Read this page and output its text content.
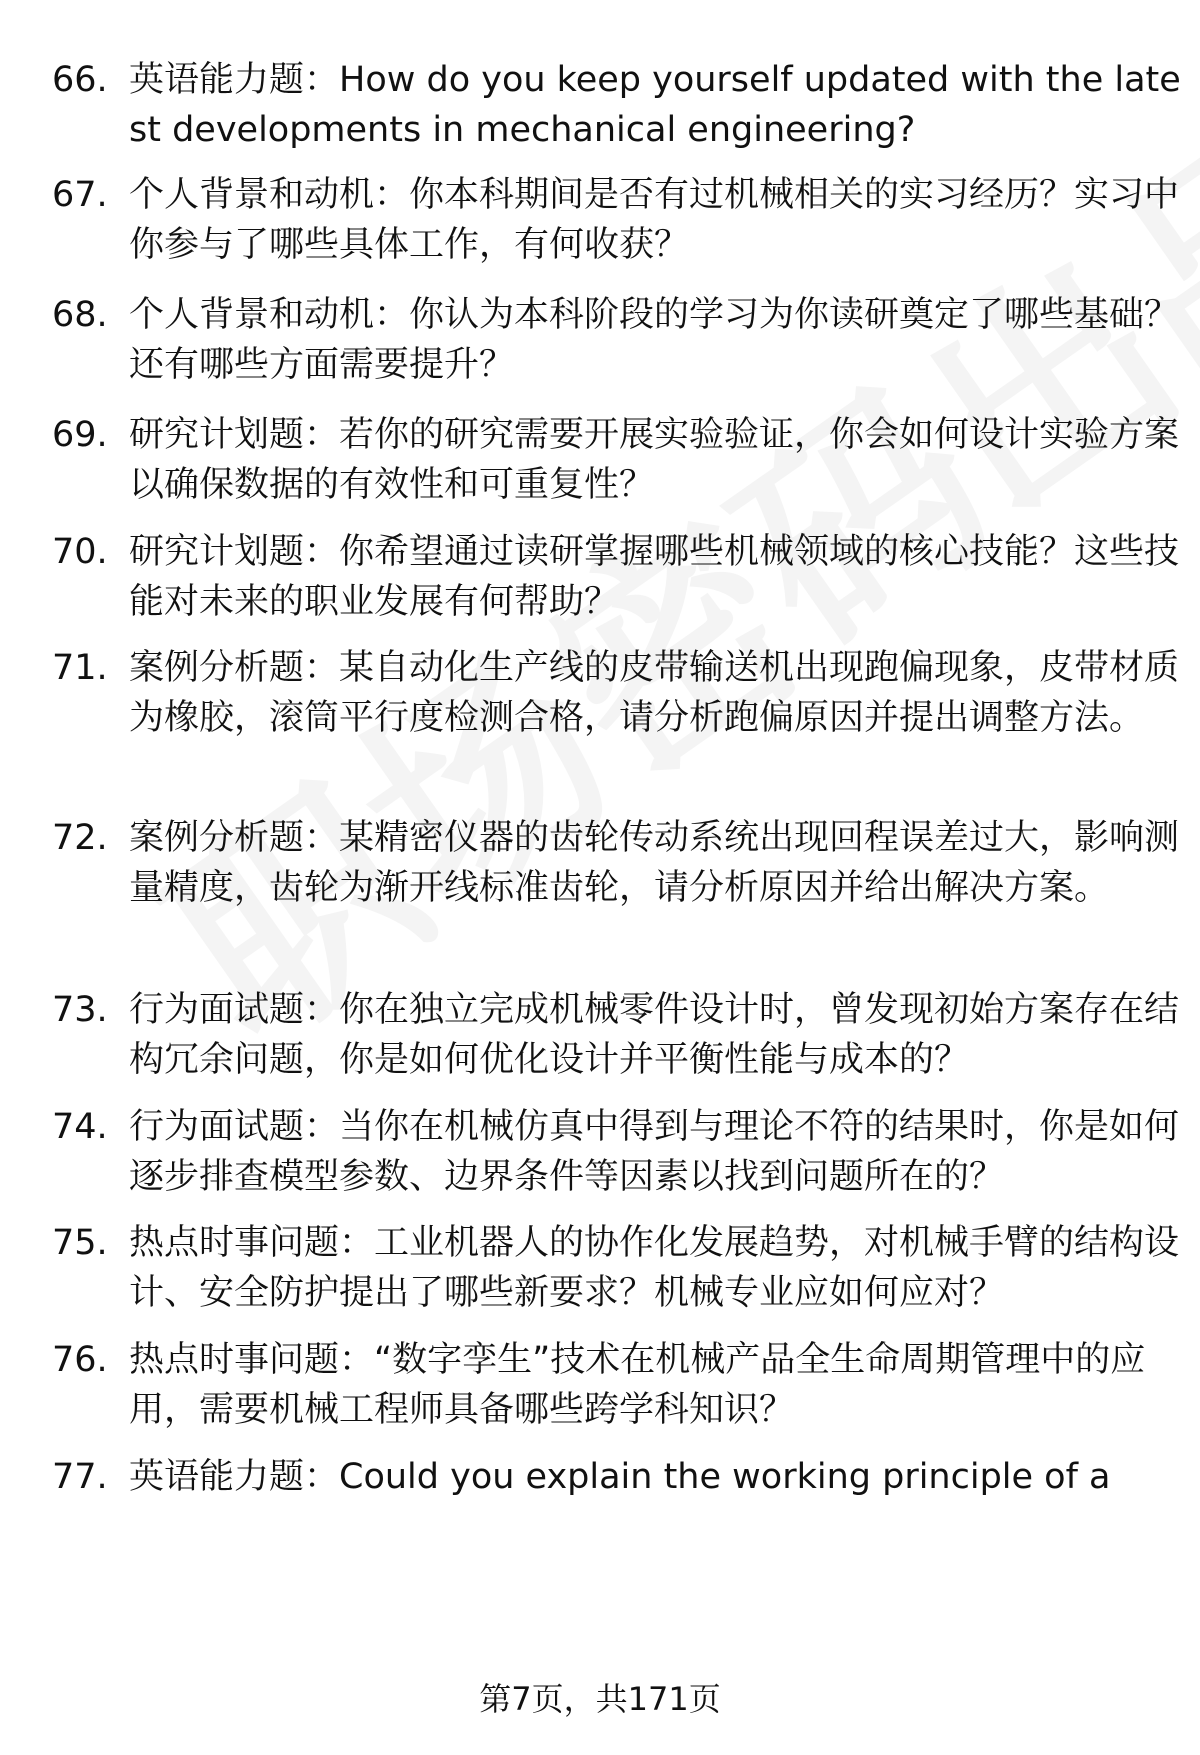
66. 英语能力题：How do you keep yourself updated with the latest developments in mechanical engineering?
67. 个人背景和动机：你本科期间是否有过机械相关的实习经历？实习中你参与了哪些具体工作，有何收获？
68. 个人背景和动机：你认为本科阶段的学习为你读研奠定了哪些基础？还有哪些方面需要提升？
69. 研究计划题：若你的研究需要开展实验验证，你会如何设计实验方案以确保数据的有效性和可重复性？
70. 研究计划题：你希望通过读研掌握哪些机械领域的核心技能？这些技能对未来的职业发展有何帮助？
71. 案例分析题：某自动化生产线的皮带输送机出现跑偏现象，皮带材质为橡胶，滚筒平行度检测合格，请分析跑偏原因并提出调整方法。
72. 案例分析题：某精密仪器的齿轮传动系统出现回程误差过大，影响测量精度，齿轮为渐开线标准齿轮，请分析原因并给出解决方案。
73. 行为面试题：你在独立完成机械零件设计时，曾发现初始方案存在结构冗余问题，你是如何优化设计并平衡性能与成本的？
74. 行为面试题：当你在机械仿真中得到与理论不符的结果时，你是如何逐步排查模型参数、边界条件等因素以找到问题所在的？
75. 热点时事问题：工业机器人的协作化发展趋势，对机械手臂的结构设计、安全防护提出了哪些新要求？机械专业应如何应对？
76. 热点时事问题：“数字孪生”技术在机械产品全生命周期管理中的应用，需要机械工程师具备哪些跨学科知识？
77. 英语能力题：Could you explain the working principle of a
第7页，共171页
